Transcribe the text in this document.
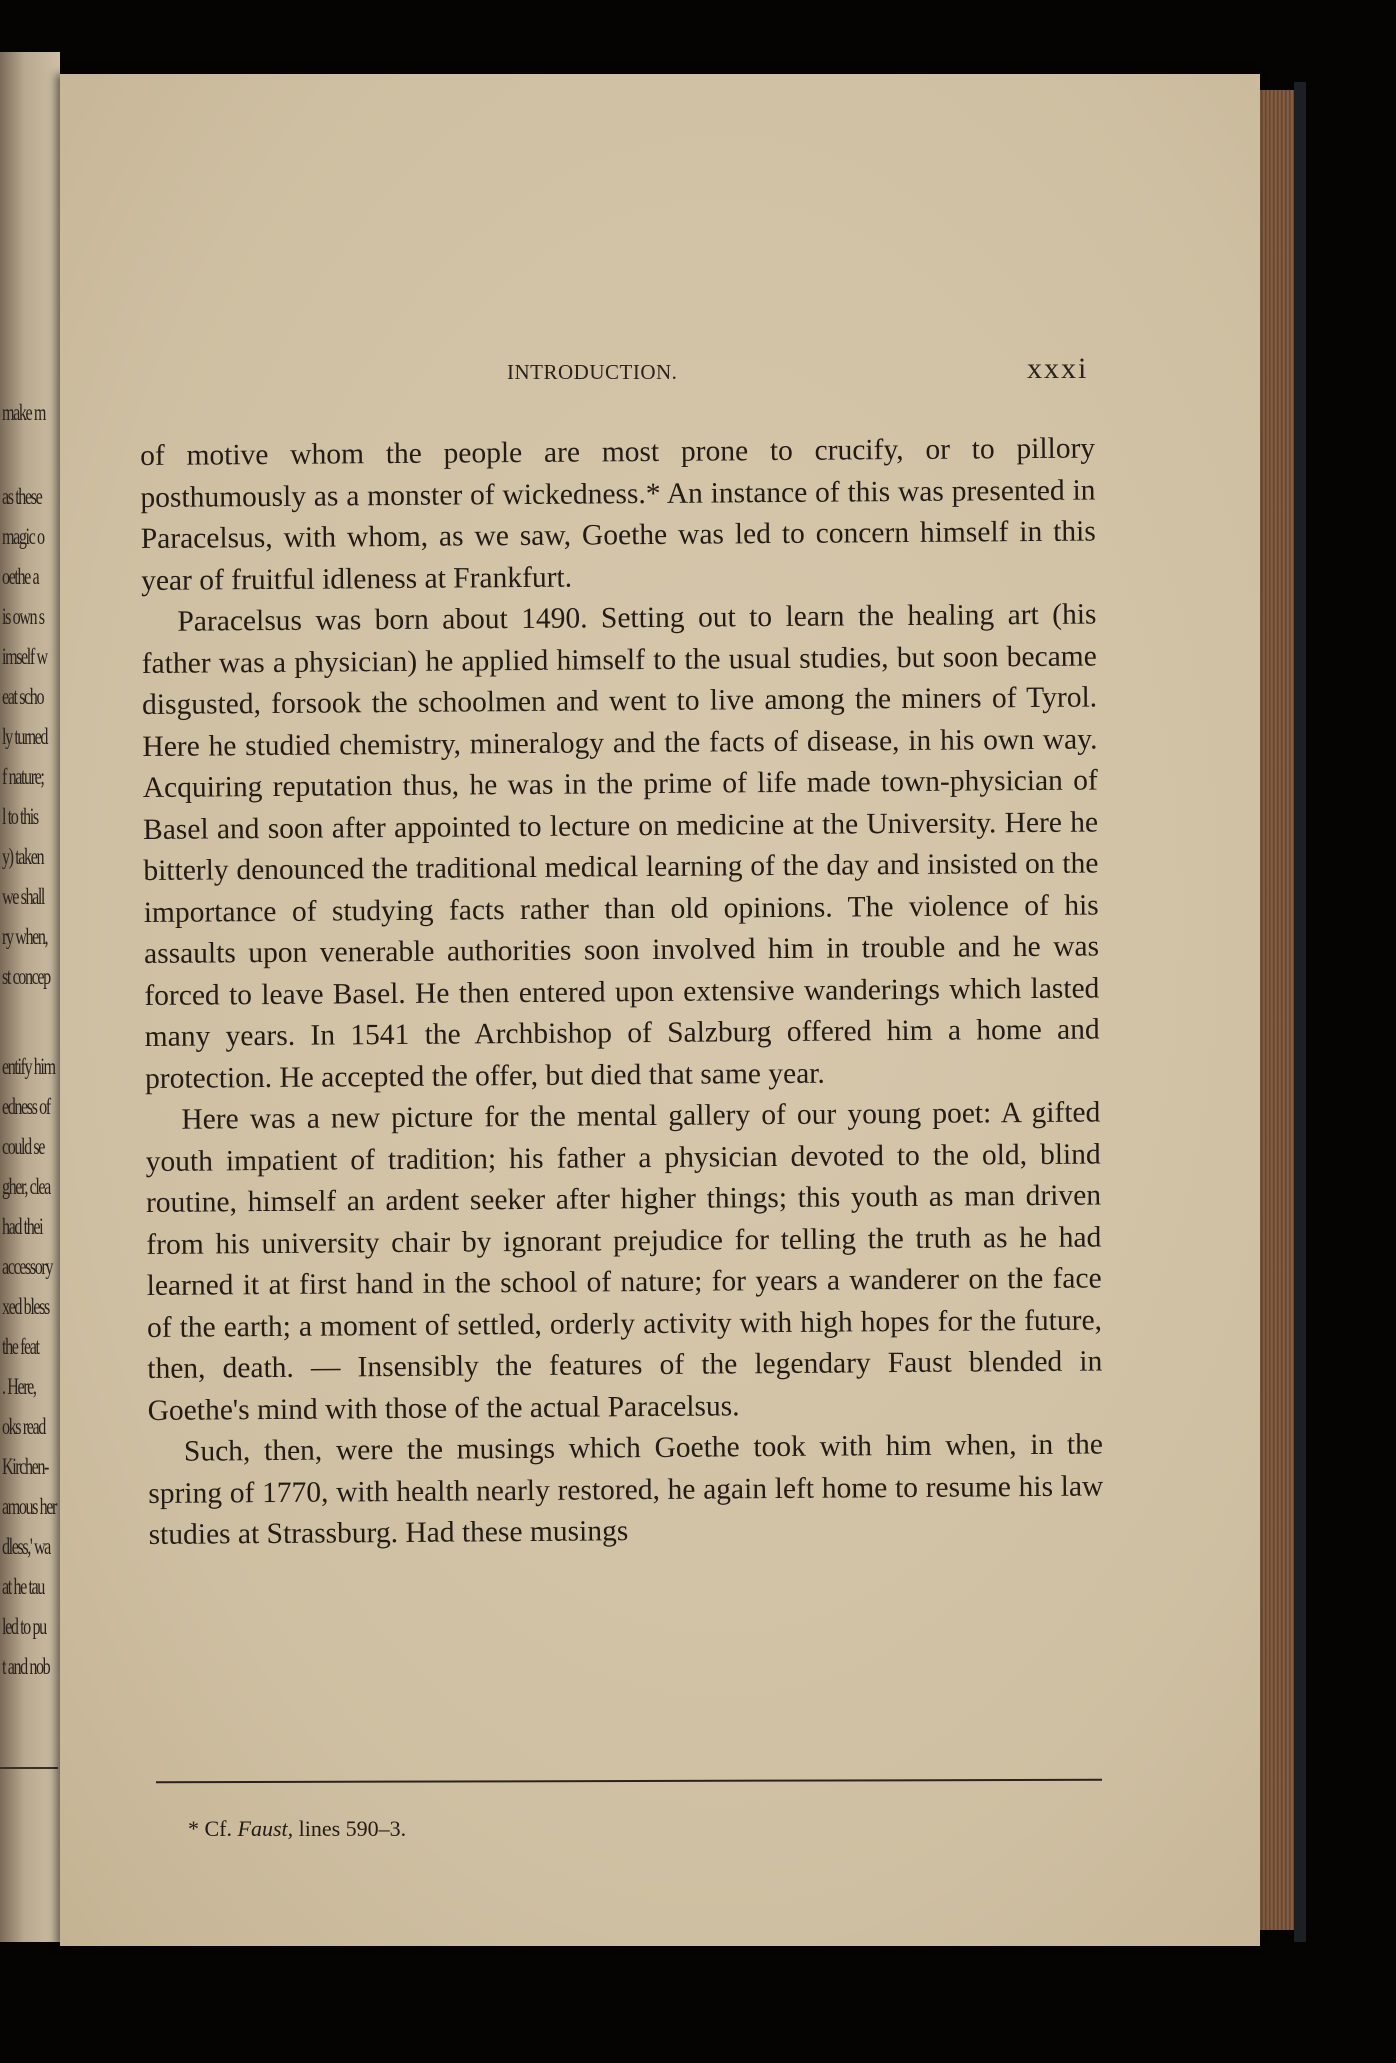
make m
as these
magic o
oethe a
is own s
imself w
eat scho
ly turned
f nature;
l to this
y) taken
we shall
ry when,
st concep
entify him
edness of
could se
gher, clea
had thei
accessory
xed bless
the feat
. Here,
oks read
Kirchen-
amous her
dless,' wa
at he tau
led to pu
t and nob
INTRODUCTION.	xxxi

of motive whom the people are most prone to crucify, or to pillory posthumously as a monster of wickedness.* An instance of this was presented in Paracelsus, with whom, as we saw, Goethe was led to concern himself in this year of fruitful idleness at Frankfurt.

Paracelsus was born about 1490. Setting out to learn the healing art (his father was a physician) he applied himself to the usual studies, but soon became disgusted, forsook the schoolmen and went to live among the miners of Tyrol. Here he studied chemistry, mineralogy and the facts of disease, in his own way. Acquiring reputation thus, he was in the prime of life made town-physician of Basel and soon after appointed to lecture on medicine at the University. Here he bitterly denounced the traditional medical learning of the day and insisted on the importance of studying facts rather than old opinions. The violence of his assaults upon venerable authorities soon involved him in trouble and he was forced to leave Basel. He then entered upon extensive wanderings which lasted many years. In 1541 the Archbishop of Salzburg offered him a home and protection. He accepted the offer, but died that same year.

Here was a new picture for the mental gallery of our young poet: A gifted youth impatient of tradition; his father a physician devoted to the old, blind routine, himself an ardent seeker after higher things; this youth as man driven from his university chair by ignorant prejudice for telling the truth as he had learned it at first hand in the school of nature; for years a wanderer on the face of the earth; a moment of settled, orderly activity with high hopes for the future, then, death. — Insensibly the features of the legendary Faust blended in Goethe's mind with those of the actual Paracelsus.

Such, then, were the musings which Goethe took with him when, in the spring of 1770, with health nearly restored, he again left home to resume his law studies at Strassburg. Had these musings

* Cf. Faust, lines 590–3.
